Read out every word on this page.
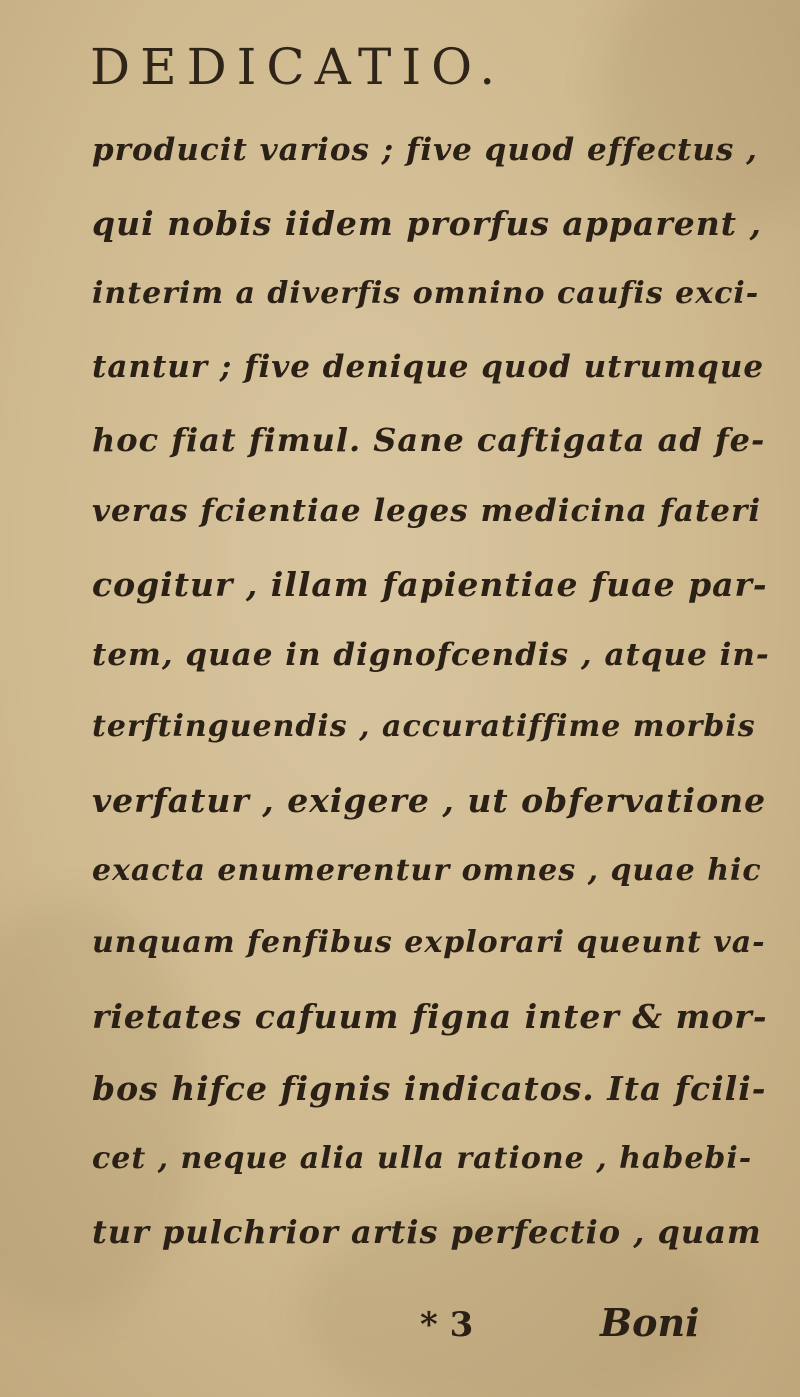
DEDICATIO.
producit varios ; five quod effectus ,
qui nobis iidem prorfus apparent ,
interim a diverfis omnino caufis exci-
tantur ; five denique quod utrumque
hoc fiat fimul. Sane caftigata ad fe-
veras fcientiae leges medicina fateri
cogitur , illam fapientiae fuae par-
tem, quae in dignofcendis , atque in-
terftinguendis , accuratiffime morbis
verfatur , exigere , ut obfervatione
exacta enumerentur omnes , quae hic
unquam fenfibus explorari queunt va-
rietates cafuum figna inter & mor-
bos hifce fignis indicatos. Ita fcili-
cet , neque alia ulla ratione , habebi-
tur pulchrior artis perfectio , quam
* 3	Boni
